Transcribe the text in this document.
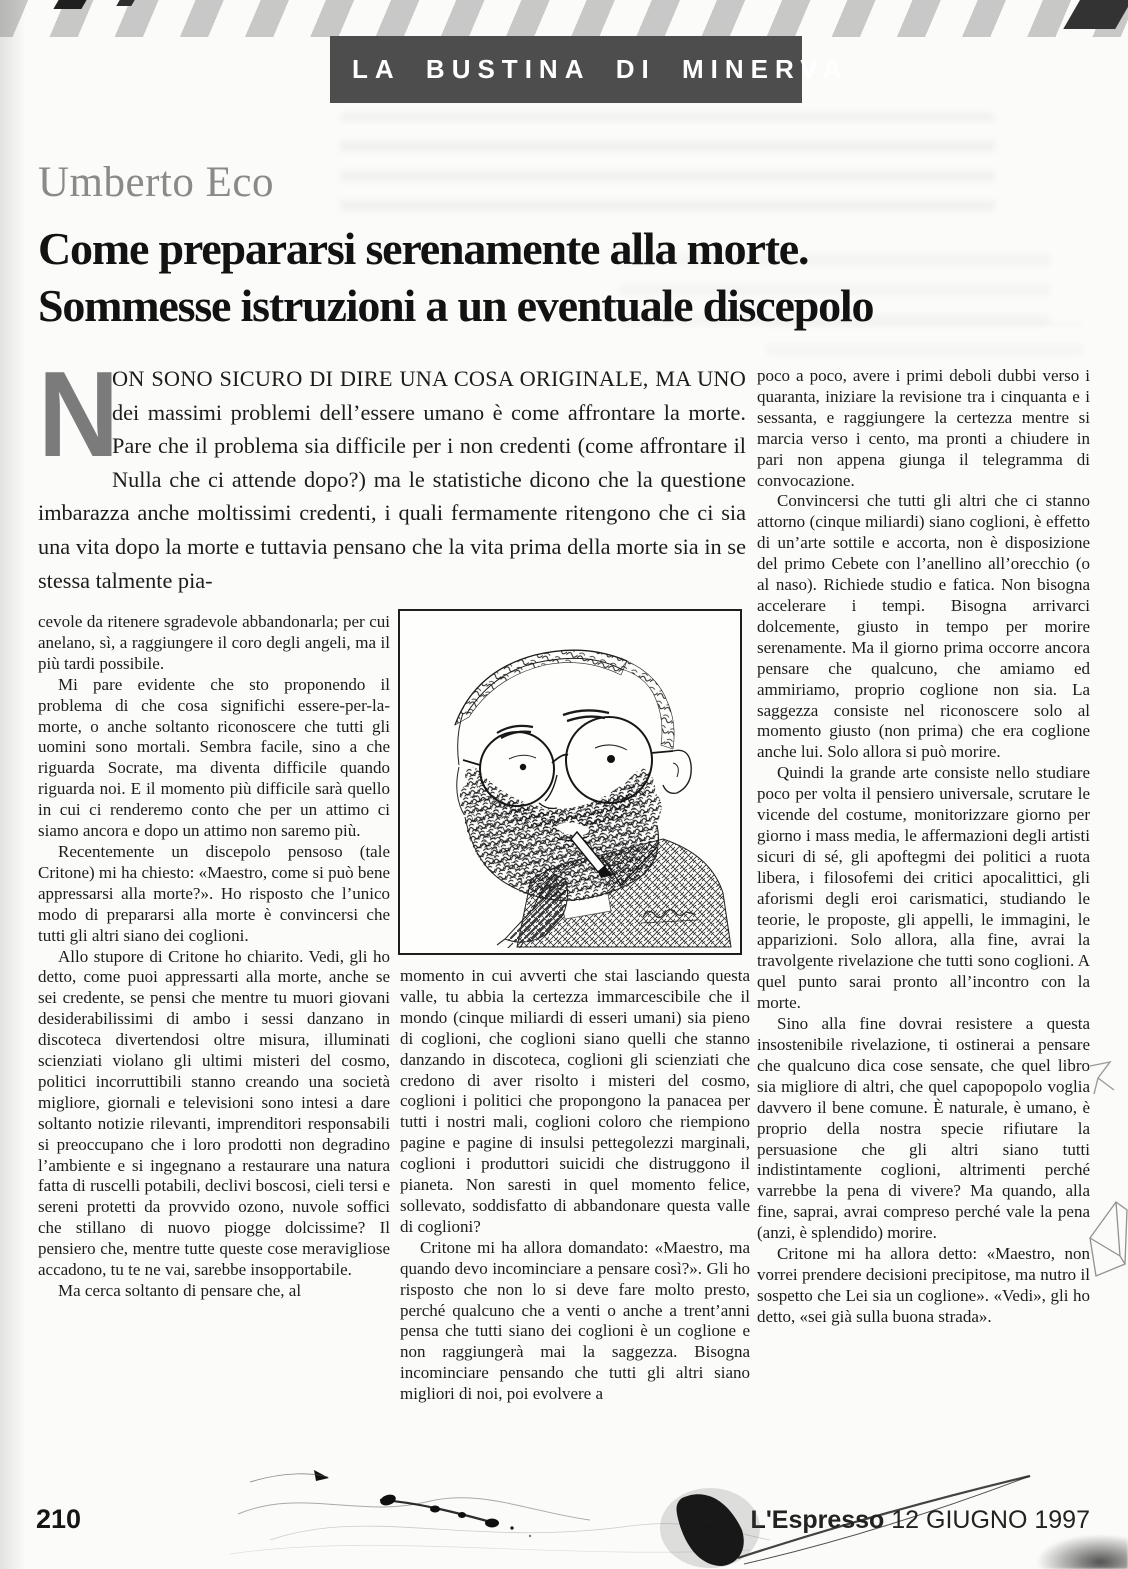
LA BUSTINA DI MINERVA
Umberto Eco
Come prepararsi serenamente alla morte.
Sommesse istruzioni a un eventuale discepolo
N

ON SONO SICURO DI DIRE UNA COSA ORIGINALE, MA UNO dei massimi problemi dell’essere umano è come affrontare la morte. Pare che il problema sia difficile per i non credenti (come affrontare il Nulla che ci attende dopo?) ma le statistiche dicono che la questione imbarazza anche moltissimi credenti, i quali fermamente ritengono che ci sia una vita dopo la morte e tuttavia pensano che la vita prima della morte sia in se stessa talmente pia-

cevole da ritenere sgradevole abbandonarla; per cui anelano, sì, a raggiungere il coro degli angeli, ma il più tardi possibile.

Mi pare evidente che sto proponendo il problema di che cosa significhi essere-per-la-morte, o anche soltanto riconoscere che tutti gli uomini sono mortali. Sembra facile, sino a che riguarda Socrate, ma diventa difficile quando riguarda noi. E il momento più difficile sarà quello in cui ci renderemo conto che per un attimo ci siamo ancora e dopo un attimo non saremo più.

Recentemente un discepolo pensoso (tale Critone) mi ha chiesto: «Maestro, come si può bene appressarsi alla morte?». Ho risposto che l’unico modo di prepararsi alla morte è convincersi che tutti gli altri siano dei coglioni.

Allo stupore di Critone ho chiarito. Vedi, gli ho detto, come puoi appressarti alla morte, anche se sei credente, se pensi che mentre tu muori giovani desiderabilissimi di ambo i sessi danzano in discoteca divertendosi oltre misura, illuminati scienziati violano gli ultimi misteri del cosmo, politici incorruttibili stanno creando una società migliore, giornali e televisioni sono intesi a dare soltanto notizie rilevanti, imprenditori responsabili si preoccupano che i loro prodotti non degradino l’ambiente e si ingegnano a restaurare una natura fatta di ruscelli potabili, declivi boscosi, cieli tersi e sereni protetti da provvido ozono, nuvole soffici che stillano di nuovo piogge dolcissime? Il pensiero che, mentre tutte queste cose meravigliose accadono, tu te ne vai, sarebbe insopportabile.

Ma cerca soltanto di pensare che, al

momento in cui avverti che stai lasciando questa valle, tu abbia la certezza immarcescibile che il mondo (cinque miliardi di esseri umani) sia pieno di coglioni, che coglioni siano quelli che stanno danzando in discoteca, coglioni gli scienziati che credono di aver risolto i misteri del cosmo, coglioni i politici che propongono la panacea per tutti i nostri mali, coglioni coloro che riempiono pagine e pagine di insulsi pettegolezzi marginali, coglioni i produttori suicidi che distruggono il pianeta. Non saresti in quel momento felice, sollevato, soddisfatto di abbandonare questa valle di coglioni?

Critone mi ha allora domandato: «Maestro, ma quando devo incominciare a pensare così?». Gli ho risposto che non lo si deve fare molto presto, perché qualcuno che a venti o anche a trent’anni pensa che tutti siano dei coglioni è un coglione e non raggiungerà mai la saggezza. Bisogna incominciare pensando che tutti gli altri siano migliori di noi, poi evolvere a

poco a poco, avere i primi deboli dubbi verso i quaranta, iniziare la revisione tra i cinquanta e i sessanta, e raggiungere la certezza mentre si marcia verso i cento, ma pronti a chiudere in pari non appena giunga il telegramma di convocazione.

Convincersi che tutti gli altri che ci stanno attorno (cinque miliardi) siano coglioni, è effetto di un’arte sottile e accorta, non è disposizione del primo Cebete con l’anellino all’orecchio (o al naso). Richiede studio e fatica. Non bisogna accelerare i tempi. Bisogna arrivarci dolcemente, giusto in tempo per morire serenamente. Ma il giorno prima occorre ancora pensare che qualcuno, che amiamo ed ammiriamo, proprio coglione non sia. La saggezza consiste nel riconoscere solo al momento giusto (non prima) che era coglione anche lui. Solo allora si può morire.

Quindi la grande arte consiste nello studiare poco per volta il pensiero universale, scrutare le vicende del costume, monitorizzare giorno per giorno i mass media, le affermazioni degli artisti sicuri di sé, gli apoftegmi dei politici a ruota libera, i filosofemi dei critici apocalittici, gli aforismi degli eroi carismatici, studiando le teorie, le proposte, gli appelli, le immagini, le apparizioni. Solo allora, alla fine, avrai la travolgente rivelazione che tutti sono coglioni. A quel punto sarai pronto all’incontro con la morte.

Sino alla fine dovrai resistere a questa insostenibile rivelazione, ti ostinerai a pensare che qualcuno dica cose sensate, che quel libro sia migliore di altri, che quel capopopolo voglia davvero il bene comune. È naturale, è umano, è proprio della nostra specie rifiutare la persuasione che gli altri siano tutti indistintamente coglioni, altrimenti perché varrebbe la pena di vivere? Ma quando, alla fine, saprai, avrai compreso perché vale la pena (anzi, è splendido) morire.

Critone mi ha allora detto: «Maestro, non vorrei prendere decisioni precipitose, ma nutro il sospetto che Lei sia un coglione». «Vedi», gli ho detto, «sei già sulla buona strada».

210	L'Espresso 12 GIUGNO 1997
